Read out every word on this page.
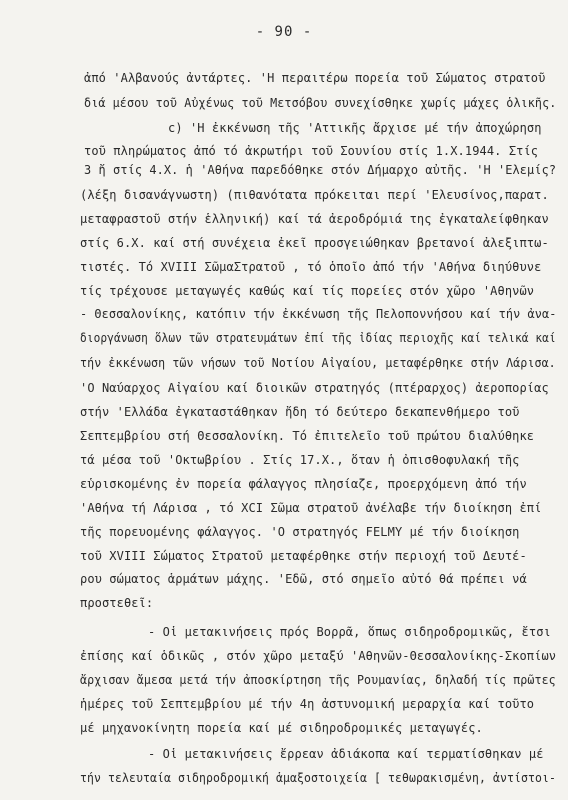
- 90 -
ἀπό 'Αλβανούς ἀντάρτες. 'Η περαιτέρω πορεία τοῦ Σώματος στρατοῦ
διά μέσου τοῦ Αὐχένως τοῦ Μετσόβου συνεχίσθηκε χωρίς μάχες ὁλικῆς.
c) 'Η ἐκκένωση τῆς 'Αττικῆς ἄρχισε μέ τήν ἀποχώρηση
τοῦ πληρώματος ἀπό τό ἀκρωτήρι τοῦ Σουνίου στίς 1.Χ.1944. Στίς
3 ἤ στίς 4.Χ. ἡ 'Αθήνα παρεδόθηκε στόν Δήμαρχο αὐτῆς. 'Η 'Ελεμίς?
(λέξη δισανάγνωστη) (πιθανότατα πρόκειται περί 'Ελευσίνος,παρατ.
μεταφραστοῦ στήν ἑλληνική) καί τά ἀεροδρόμιά της ἐγκαταλείφθηκαν
στίς 6.Χ. καί στή συνέχεια ἐκεῖ προσγειώθηκαν βρετανοί ἀλεξιπτω-
τιστές. Τό XVIII ΣῶμαΣτρατοῦ , τό ὁποῖο ἀπό τήν 'Αθήνα διηύθυνε
τίς τρέχουσε μεταγωγές καθώς καί τίς πορείες στόν χῶρο 'Αθηνῶν
- Θεσσαλονίκης, κατόπιν τήν ἐκκένωση τῆς Πελοποννήσου καί τήν ἀνα-
διοργάνωση ὅλων τῶν στρατευμάτων ἐπί τῆς ἰδίας περιοχῆς καί τελικά καί
τήν ἐκκένωση τῶν νήσων τοῦ Νοτίου Αἰγαίου, μεταφέρθηκε στήν Λάρισα.
'Ο Ναύαρχος Αἰγαίου καί διοικῶν στρατηγός (πτέραρχος) ἀεροπορίας
στήν 'Ελλάδα ἐγκαταστάθηκαν ἤδη τό δεύτερο δεκαπενθήμερο τοῦ
Σεπτεμβρίου στή Θεσσαλονίκη. Τό ἐπιτελεῖο τοῦ πρώτου διαλύθηκε
τά μέσα τοῦ 'Οκτωβρίου . Στίς 17.Χ., ὅταν ἡ ὀπισθοφυλακή τῆς
εὑρισκομένης ἐν πορεία φάλαγγος πλησίαζε, προερχόμενη ἀπό τήν
'Αθήνα τή Λάρισα , τό XCI Σῶμα στρατοῦ ἀνέλαβε τήν διοίκηση ἐπί
τῆς πορευομένης φάλαγγος. 'Ο στρατηγός FELMY μέ τήν διοίκηση
τοῦ XVIII Σώματος Στρατοῦ μεταφέρθηκε στήν περιοχή τοῦ Δευτέ-
ρου σώματος ἁρμάτων μάχης. 'Εδῶ, στό σημεῖο αὐτό θά πρέπει νά
προστεθεῖ:
- Οἱ μετακινήσεις πρός Βορρᾶ, ὅπως σιδηροδρομικῶς, ἔτσι
ἐπίσης καί ὁδικῶς , στόν χῶρο μεταξύ 'Αθηνῶν-Θεσσαλονίκης-Σκοπίων
ἄρχισαν ἄμεσα μετά τήν ἀποσκίρτηση τῆς Ρουμανίας, δηλαδή τίς πρῶτες
ἡμέρες τοῦ Σεπτεμβρίου μέ τήν 4η ἀστυνομική μεραρχία καί τοῦτο
μέ μηχανοκίνητη πορεία καί μέ σιδηροδρομικές μεταγωγές.
- Οἱ μετακινήσεις ἔρρεαν ἀδιάκοπα καί τερματίσθηκαν μέ
τήν τελευταία σιδηροδρομική ἁμαξοστοιχεία [ τεθωρακισμένη, ἀντίστοι-
